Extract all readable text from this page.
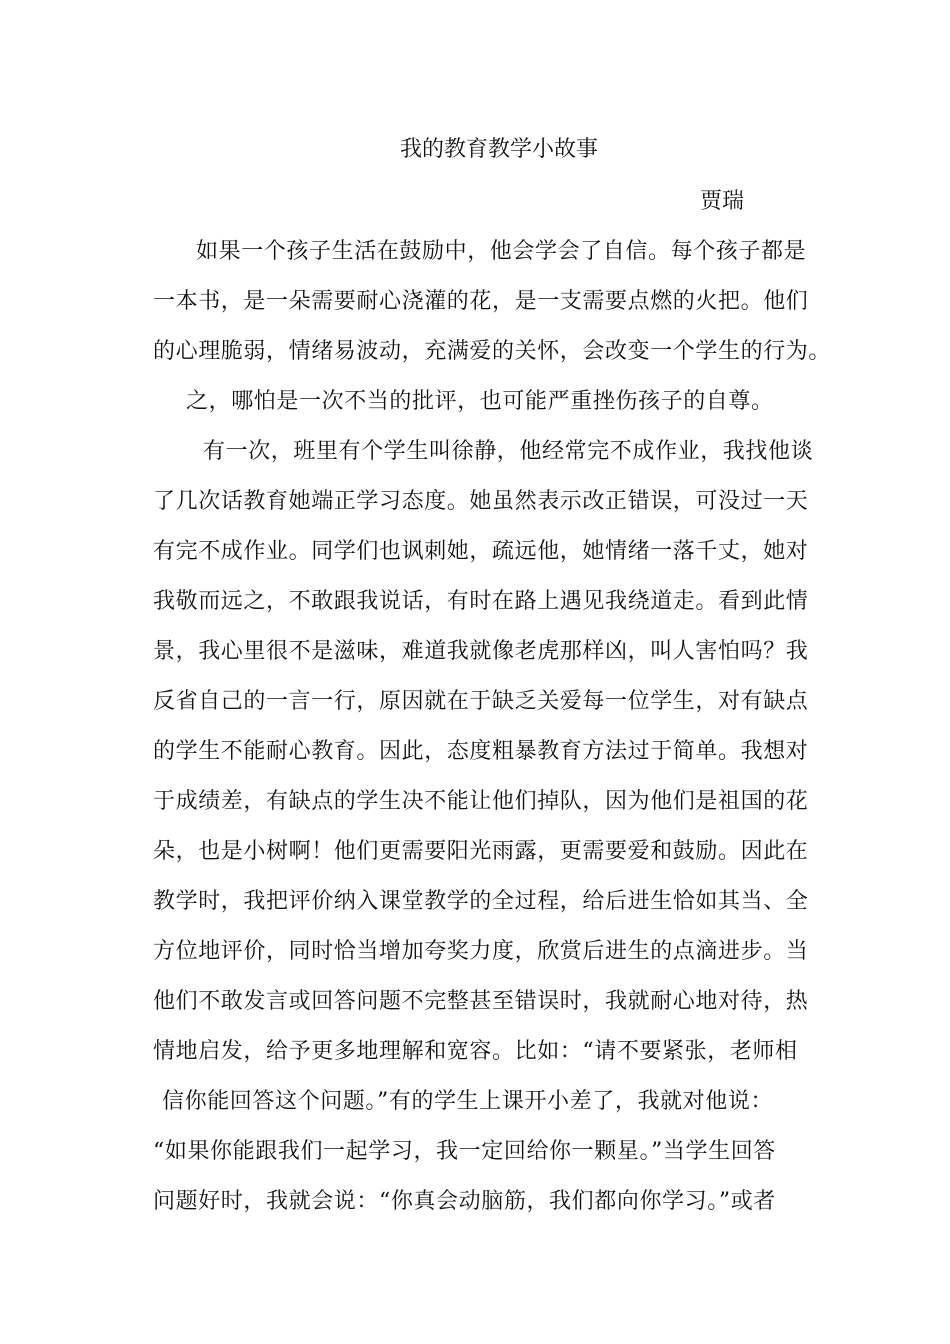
我的教育教学小故事
贾瑞
如果一个孩子生活在鼓励中，他会学会了自信。每个孩子都是
一本书，是一朵需要耐心浇灌的花，是一支需要点燃的火把。他们
的心理脆弱，情绪易波动，充满爱的关怀，会改变一个学生的行为。
之，哪怕是一次不当的批评，也可能严重挫伤孩子的自尊。
有一次，班里有个学生叫徐静，他经常完不成作业，我找他谈
了几次话教育她端正学习态度。她虽然表示改正错误，可没过一天
有完不成作业。同学们也讽刺她，疏远他，她情绪一落千丈，她对
我敬而远之，不敢跟我说话，有时在路上遇见我绕道走。看到此情
景，我心里很不是滋味，难道我就像老虎那样凶，叫人害怕吗？我
反省自己的一言一行，原因就在于缺乏关爱每一位学生，对有缺点
的学生不能耐心教育。因此，态度粗暴教育方法过于简单。我想对
于成绩差，有缺点的学生决不能让他们掉队，因为他们是祖国的花
朵，也是小树啊！他们更需要阳光雨露，更需要爱和鼓励。因此在
教学时，我把评价纳入课堂教学的全过程，给后进生恰如其当、全
方位地评价，同时恰当增加夸奖力度，欣赏后进生的点滴进步。当
他们不敢发言或回答问题不完整甚至错误时，我就耐心地对待，热
情地启发，给予更多地理解和宽容。比如：“请不要紧张，老师相
信你能回答这个问题。”有的学生上课开小差了，我就对他说：
“如果你能跟我们一起学习，我一定回给你一颗星。”当学生回答
问题好时，我就会说：“你真会动脑筋，我们都向你学习。”或者
